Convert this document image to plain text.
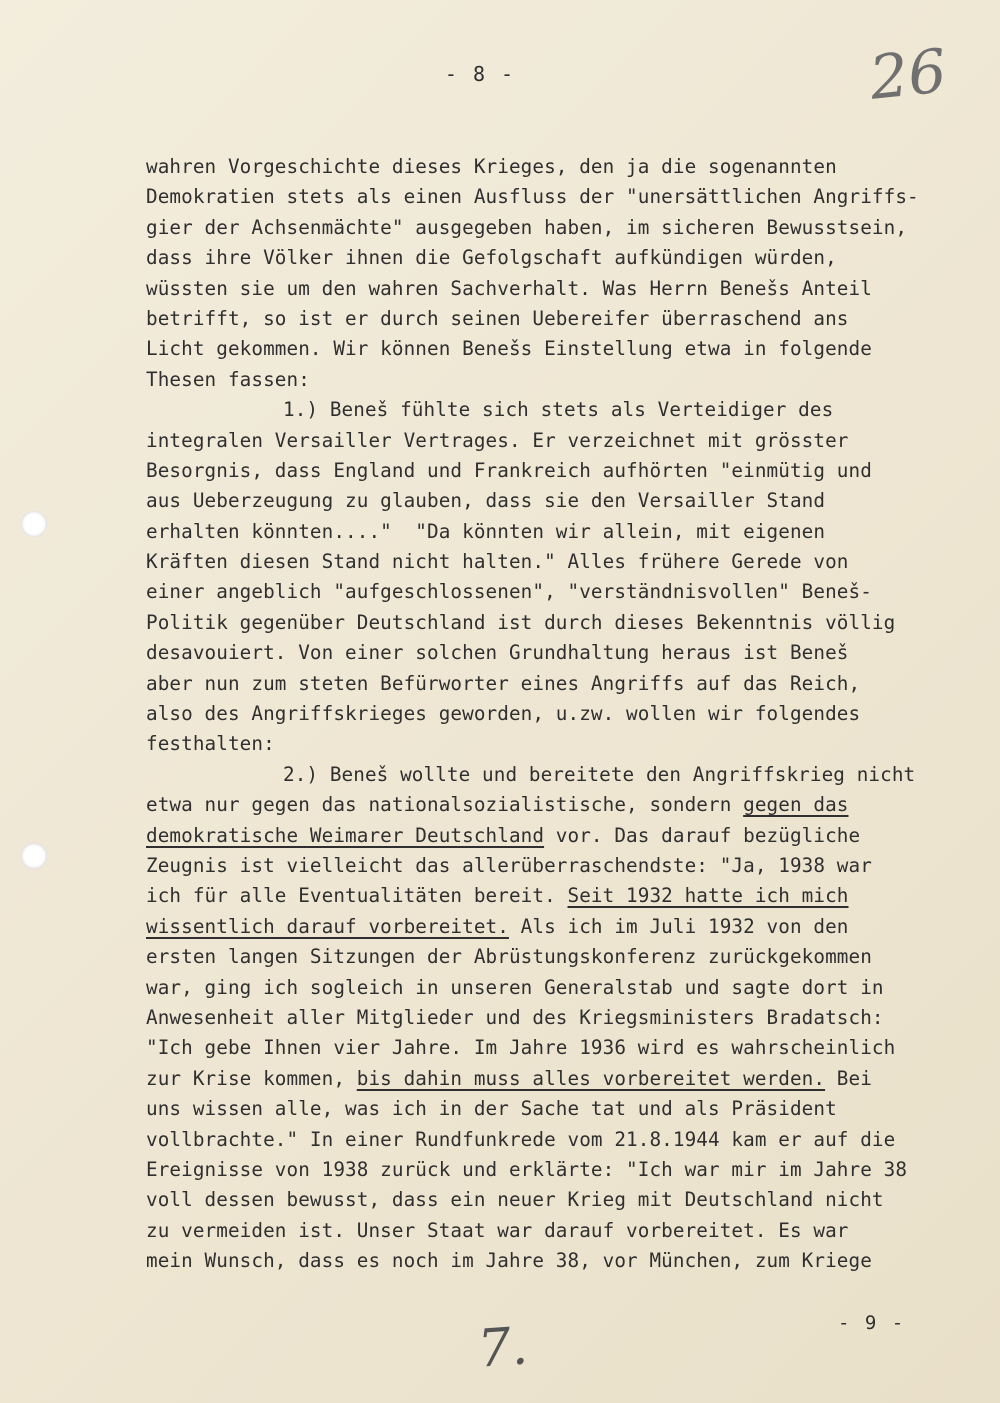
- 8 -	26
wahren Vorgeschichte dieses Krieges, den ja die sogenannten
Demokratien stets als einen Ausfluss der "unersättlichen Angriffs-
gier der Achsenmächte" ausgegeben haben, im sicheren Bewusstsein,
dass ihre Völker ihnen die Gefolgschaft aufkündigen würden,
wüssten sie um den wahren Sachverhalt. Was Herrn Benešs Anteil
betrifft, so ist er durch seinen Uebereifer überraschend ans
Licht gekommen. Wir können Benešs Einstellung etwa in folgende
Thesen fassen:
1.) Beneš fühlte sich stets als Verteidiger des
integralen Versailler Vertrages. Er verzeichnet mit grösster
Besorgnis, dass England und Frankreich aufhörten "einmütig und
aus Ueberzeugung zu glauben, dass sie den Versailler Stand
erhalten könnten...."  "Da könnten wir allein, mit eigenen
Kräften diesen Stand nicht halten." Alles frühere Gerede von
einer angeblich "aufgeschlossenen", "verständnisvollen" Beneš-
Politik gegenüber Deutschland ist durch dieses Bekenntnis völlig
desavouiert. Von einer solchen Grundhaltung heraus ist Beneš
aber nun zum steten Befürworter eines Angriffs auf das Reich,
also des Angriffskrieges geworden, u.zw. wollen wir folgendes
festhalten:
2.) Beneš wollte und bereitete den Angriffskrieg nicht
etwa nur gegen das nationalsozialistische, sondern gegen das
demokratische Weimarer Deutschland vor. Das darauf bezügliche
Zeugnis ist vielleicht das allerüberraschendste: "Ja, 1938 war
ich für alle Eventualitäten bereit. Seit 1932 hatte ich mich
wissentlich darauf vorbereitet. Als ich im Juli 1932 von den
ersten langen Sitzungen der Abrüstungskonferenz zurückgekommen
war, ging ich sogleich in unseren Generalstab und sagte dort in
Anwesenheit aller Mitglieder und des Kriegsministers Bradatsch:
"Ich gebe Ihnen vier Jahre. Im Jahre 1936 wird es wahrscheinlich
zur Krise kommen, bis dahin muss alles vorbereitet werden. Bei
uns wissen alle, was ich in der Sache tat und als Präsident
vollbrachte." In einer Rundfunkrede vom 21.8.1944 kam er auf die
Ereignisse von 1938 zurück und erklärte: "Ich war mir im Jahre 38
voll dessen bewusst, dass ein neuer Krieg mit Deutschland nicht
zu vermeiden ist. Unser Staat war darauf vorbereitet. Es war
mein Wunsch, dass es noch im Jahre 38, vor München, zum Kriege
- 9 -
7.
